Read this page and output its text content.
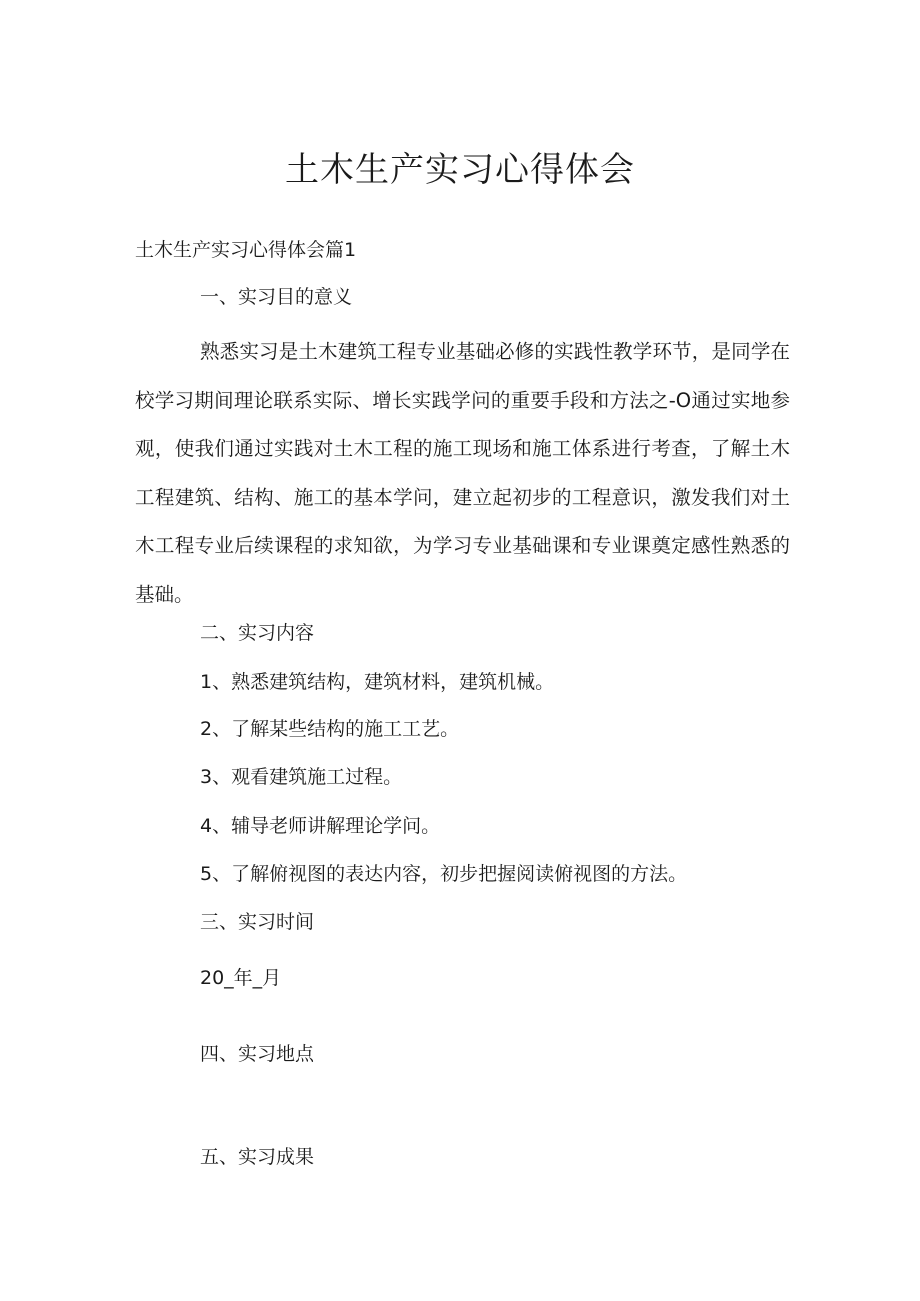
土木生产实习心得体会
土木生产实习心得体会篇1
一、实习目的意义
熟悉实习是土木建筑工程专业基础必修的实践性教学环节，是同学在校学习期间理论联系实际、增长实践学问的重要手段和方法之-O通过实地参观，使我们通过实践对土木工程的施工现场和施工体系进行考查，了解土木工程建筑、结构、施工的基本学问，建立起初步的工程意识，激发我们对土木工程专业后续课程的求知欲，为学习专业基础课和专业课奠定感性熟悉的基础。
二、实习内容
1、熟悉建筑结构，建筑材料，建筑机械。
2、了解某些结构的施工工艺。
3、观看建筑施工过程。
4、辅导老师讲解理论学问。
5、了解俯视图的表达内容，初步把握阅读俯视图的方法。
三、实习时间
20_年_月
四、实习地点
五、实习成果
